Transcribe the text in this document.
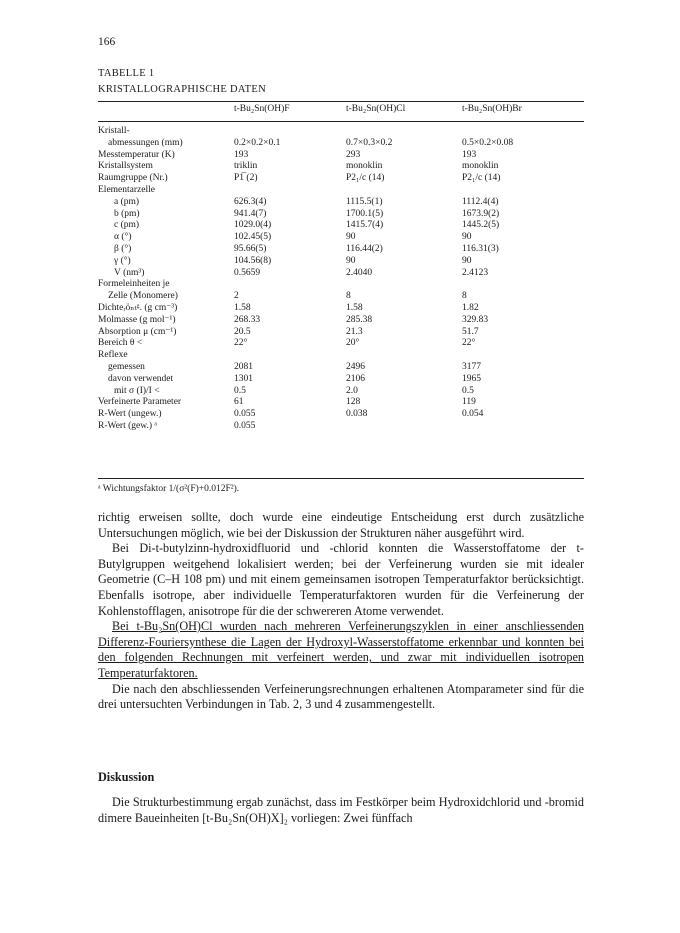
166
TABELLE 1
KRISTALLOGRAPHISCHE DATEN
t-Bu₂Sn(OH)F	t-Bu₂Sn(OH)Cl	t-Bu₂Sn(OH)Br
Kristall-			
abmessungen (mm)	0.2×0.2×0.1	0.7×0.3×0.2	0.5×0.2×0.08
Messtemperatur (K)	193	293	193
Kristallsystem	triklin	monoklin	monoklin
Raumgruppe (Nr.)	P1̅ (2)	P2₁/c (14)	P2₁/c (14)
Elementarzelle			
a (pm)	626.3(4)	1115.5(1)	1112.4(4)
b (pm)	941.4(7)	1700.1(5)	1673.9(2)
c (pm)	1029.0(4)	1415.7(4)	1445.2(5)
α (°)	102.45(5)	90	90
β (°)	95.66(5)	116.44(2)	116.31(3)
γ (°)	104.56(8)	90	90
V (nm³)	0.5659	2.4040	2.4123
Formeleinheiten je			
Zelle (Monomere)	2	8	8
Dichteᵣöₙₜᵍ. (g cm⁻³)	1.58	1.58	1.82
Molmasse (g mol⁻¹)	268.33	285.38	329.83
Absorption μ (cm⁻¹)	20.5	21.3	51.7
Bereich θ <	22°	20°	22°
Reflexe			
gemessen	2081	2496	3177
davon verwendet	1301	2106	1965
mit σ (I)/I <	0.5	2.0	0.5
Verfeinerte Parameter	61	128	119
R-Wert (ungew.)	0.055	0.038	0.054
R-Wert (gew.) ᵃ	0.055		
ᵃ Wichtungsfaktor 1/(σ²(F)+0.012F²).

richtig erweisen sollte, doch wurde eine eindeutige Entscheidung erst durch zusätzliche Untersuchungen möglich, wie bei der Diskussion der Strukturen näher ausgeführt wird.

Bei Di-t-butylzinn-hydroxidfluorid und -chlorid konnten die Wasserstoffatome der t-Butylgruppen weitgehend lokalisiert werden; bei der Verfeinerung wurden sie mit idealer Geometrie (C–H 108 pm) und mit einem gemeinsamen isotropen Temperaturfaktor berücksichtigt. Ebenfalls isotrope, aber individuelle Temperaturfaktoren wurden für die Verfeinerung der Kohlenstofflagen, anisotrope für die der schwereren Atome verwendet.

Bei t-Bu₂Sn(OH)Cl wurden nach mehreren Verfeinerungszyklen in einer anschliessenden Differenz-Fouriersynthese die Lagen der Hydroxyl-Wasserstoffatome erkennbar und konnten bei den folgenden Rechnungen mit verfeinert werden, und zwar mit individuellen isotropen Temperaturfaktoren.

Die nach den abschliessenden Verfeinerungsrechnungen erhaltenen Atomparameter sind für die drei untersuchten Verbindungen in Tab. 2, 3 und 4 zusammengestellt.

Diskussion

Die Strukturbestimmung ergab zunächst, dass im Festkörper beim Hydroxidchlorid und -bromid dimere Baueinheiten [t-Bu₂Sn(OH)X]₂ vorliegen: Zwei fünffach
